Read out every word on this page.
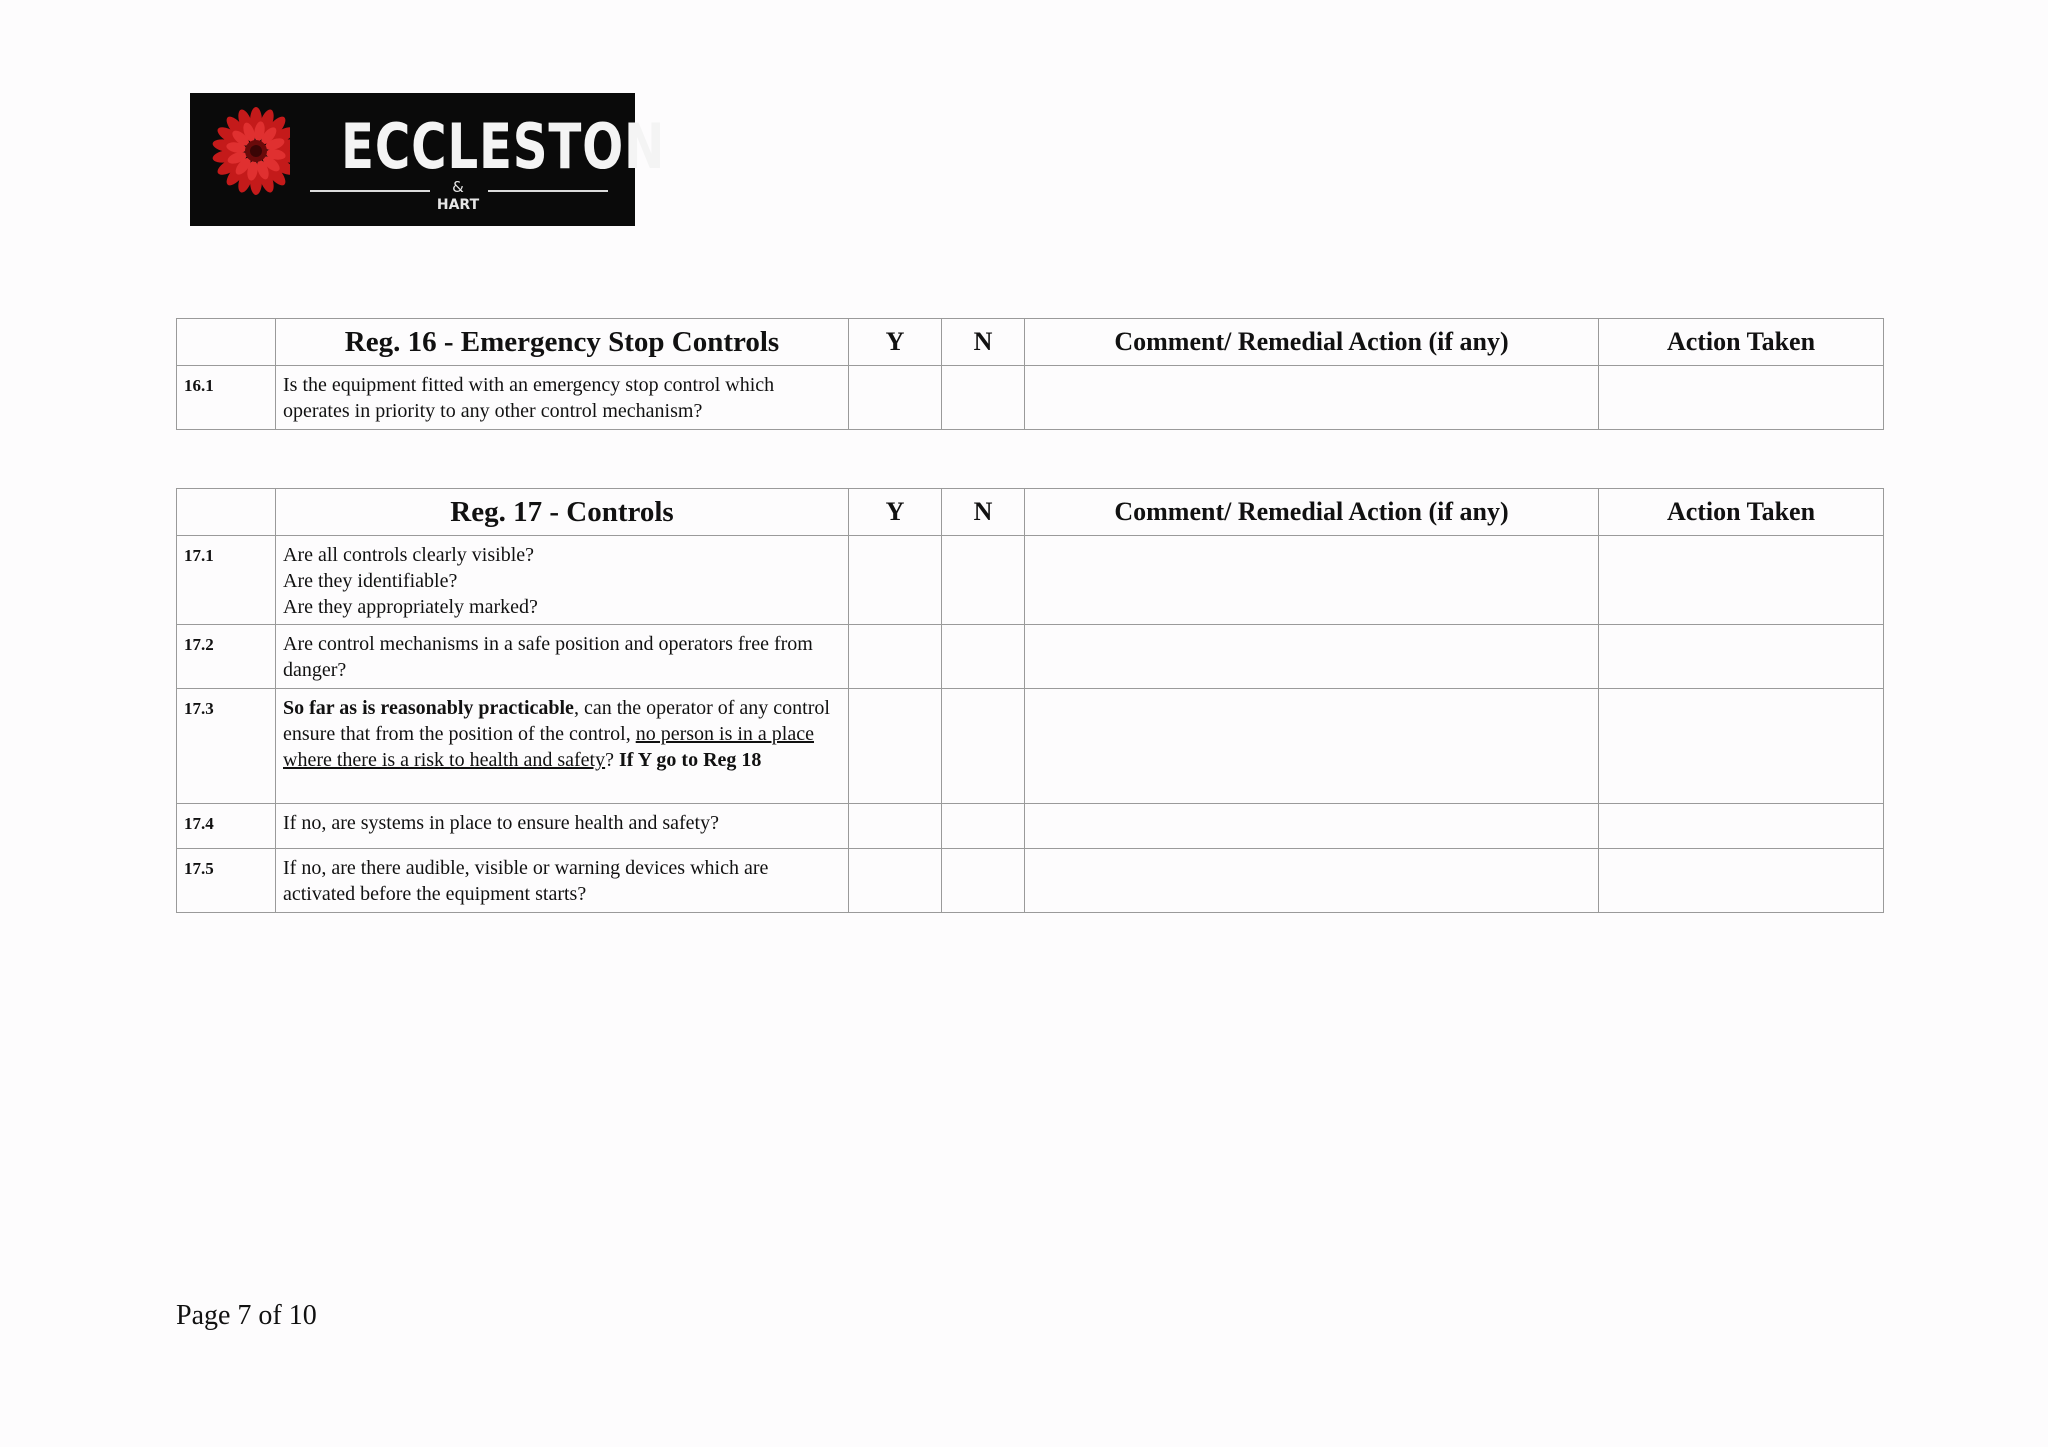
ECCLESTON
&
HART
	Reg. 16 - Emergency Stop Controls	Y	N	Comment/ Remedial Action (if any)	Action Taken
16.1	Is the equipment fitted with an emergency stop control which operates in priority to any other control mechanism?				
	Reg. 17 - Controls	Y	N	Comment/ Remedial Action (if any)	Action Taken
17.1	Are all controls clearly visible?
Are they identifiable?
Are they appropriately marked?				

17.2	Are control mechanisms in a safe position and operators free from danger?				
17.3	So far as is reasonably practicable, can the operator of any control ensure that from the position of the control, no person is in a place where there is a risk to health and safety? If Y go to Reg 18				
17.4	If no, are systems in place to ensure health and safety?				
17.5	If no, are there audible, visible or warning devices which are activated before the equipment starts?				
Page 7 of 10
